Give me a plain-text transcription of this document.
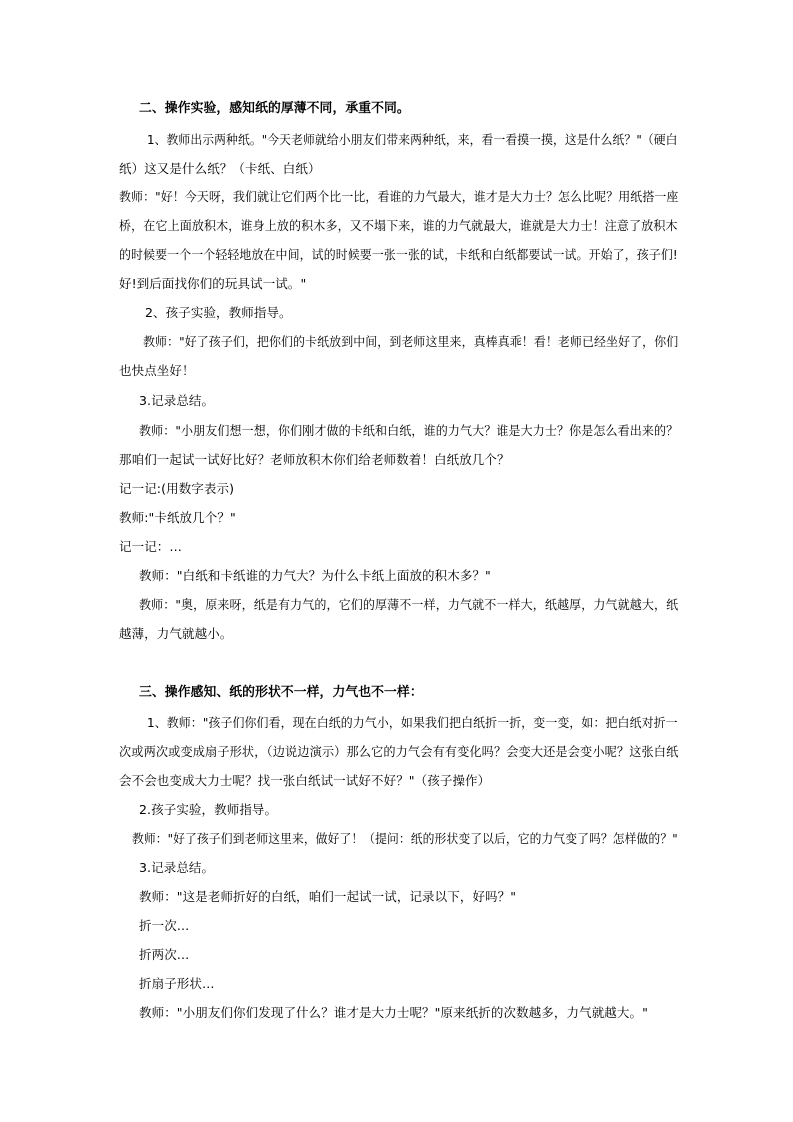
二、操作实验，感知纸的厚薄不同，承重不同。
1、教师出示两种纸。"今天老师就给小朋友们带来两种纸，来，看一看摸一摸，这是什么纸？"（硬白
纸）这又是什么纸？（卡纸、白纸）
教师："好！今天呀，我们就让它们两个比一比，看谁的力气最大，谁才是大力士？怎么比呢？用纸搭一座
桥，在它上面放积木，谁身上放的积木多，又不塌下来，谁的力气就最大，谁就是大力士！注意了放积木
的时候要一个一个轻轻地放在中间，试的时候要一张一张的试，卡纸和白纸都要试一试。开始了，孩子们!
好!到后面找你们的玩具试一试。"
2、孩子实验，教师指导。
教师："好了孩子们，把你们的卡纸放到中间，到老师这里来，真棒真乖！看！老师已经坐好了，你们
也快点坐好！
3.记录总结。
教师："小朋友们想一想，你们刚才做的卡纸和白纸，谁的力气大？谁是大力士？你是怎么看出来的？
那咱们一起试一试好比好？老师放积木你们给老师数着！白纸放几个？
记一记:(用数字表示)
教师:"卡纸放几个？"
记一记：…
教师："白纸和卡纸谁的力气大？为什么卡纸上面放的积木多？"
教师："奥，原来呀，纸是有力气的，它们的厚薄不一样，力气就不一样大，纸越厚，力气就越大，纸
越薄，力气就越小。
三、操作感知、纸的形状不一样，力气也不一样：
1、教师："孩子们你们看，现在白纸的力气小，如果我们把白纸折一折，变一变，如：把白纸对折一
次或两次或变成扇子形状，（边说边演示）那么它的力气会有有变化吗？会变大还是会变小呢？这张白纸
会不会也变成大力士呢？找一张白纸试一试好不好？"（孩子操作）
2.孩子实验，教师指导。
教师："好了孩子们到老师这里来，做好了！（提问：纸的形状变了以后，它的力气变了吗？怎样做的？"
3.记录总结。
教师："这是老师折好的白纸，咱们一起试一试，记录以下，好吗？"
折一次…
折两次…
折扇子形状…
教师："小朋友们你们发现了什么？谁才是大力士呢？"原来纸折的次数越多，力气就越大。"
